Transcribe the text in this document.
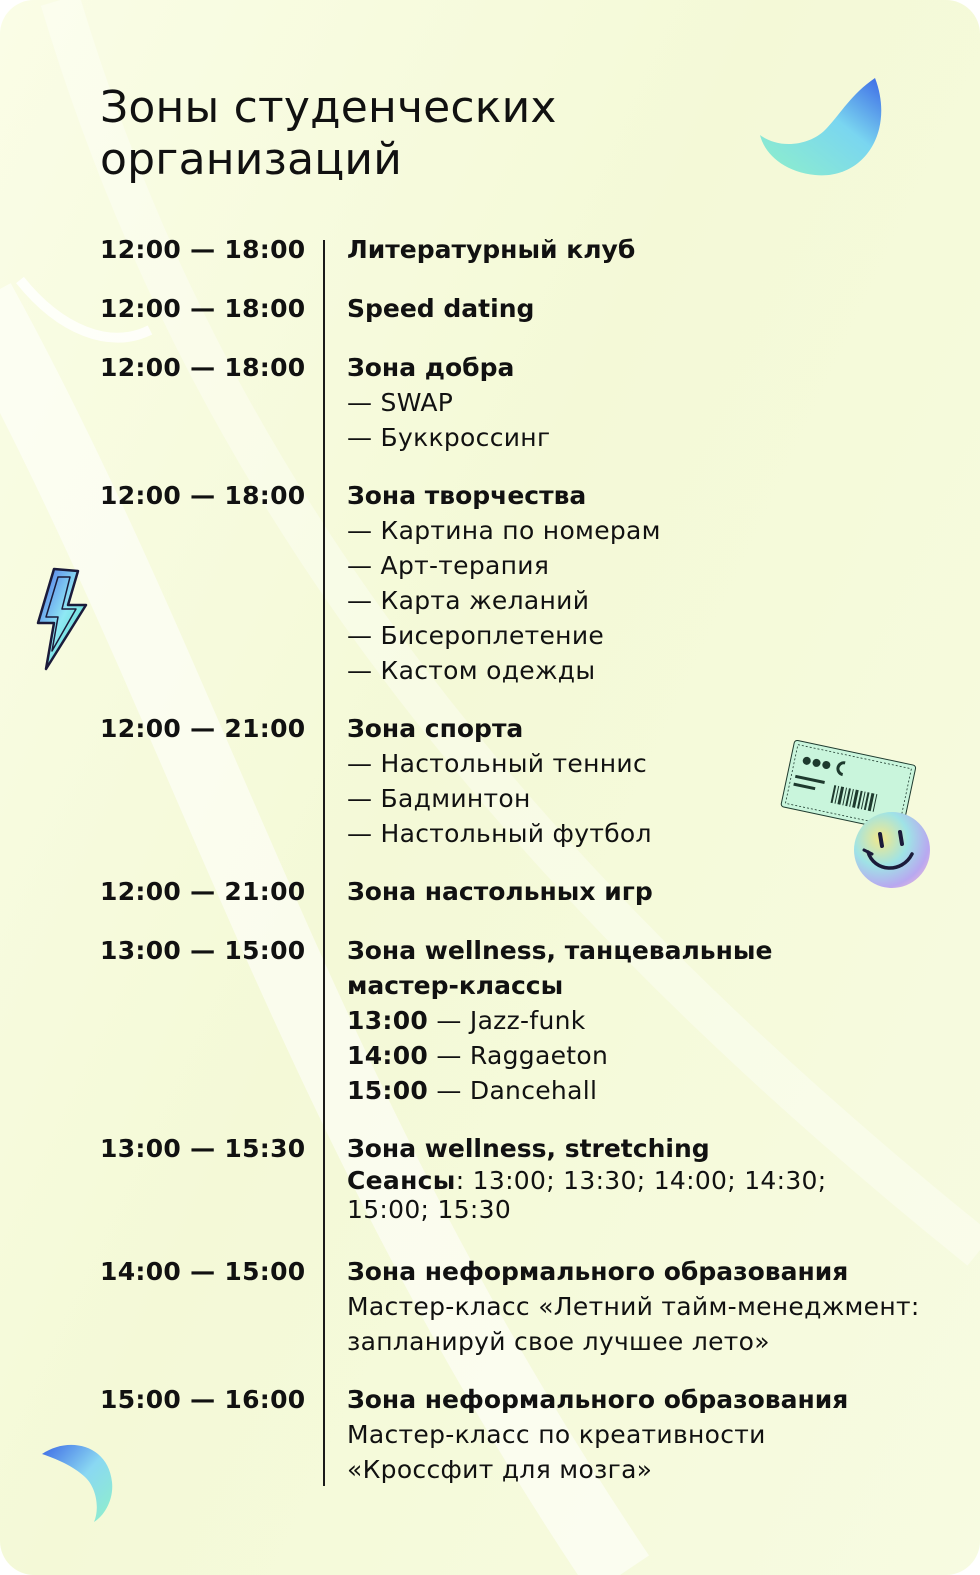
Зоны студенческих
организаций
12:00 — 18:00 Литературный клуб
12:00 — 18:00 Speed dating
12:00 — 18:00 Зона добра
— SWAP
— Буккроссинг
12:00 — 18:00 Зона творчества
— Картина по номерам
— Арт-терапия
— Карта желаний
— Бисероплетение
— Кастом одежды
12:00 — 21:00 Зона спорта
— Настольный теннис
— Бадминтон
— Настольный футбол
12:00 — 21:00 Зона настольных игр
13:00 — 15:00 Зона wellness, танцевальные мастер-классы
13:00 — Jazz-funk
14:00 — Raggaeton
15:00 — Dancehall
13:00 — 15:30 Зона wellness, stretching
Сеансы: 13:00; 13:30; 14:00; 14:30; 15:00; 15:30
14:00 — 15:00 Зона неформального образования
Мастер-класс «Летний тайм-менеджмент: запланируй свое лучшее лето»
15:00 — 16:00 Зона неформального образования
Мастер-класс по креативности «Кроссфит для мозга»
